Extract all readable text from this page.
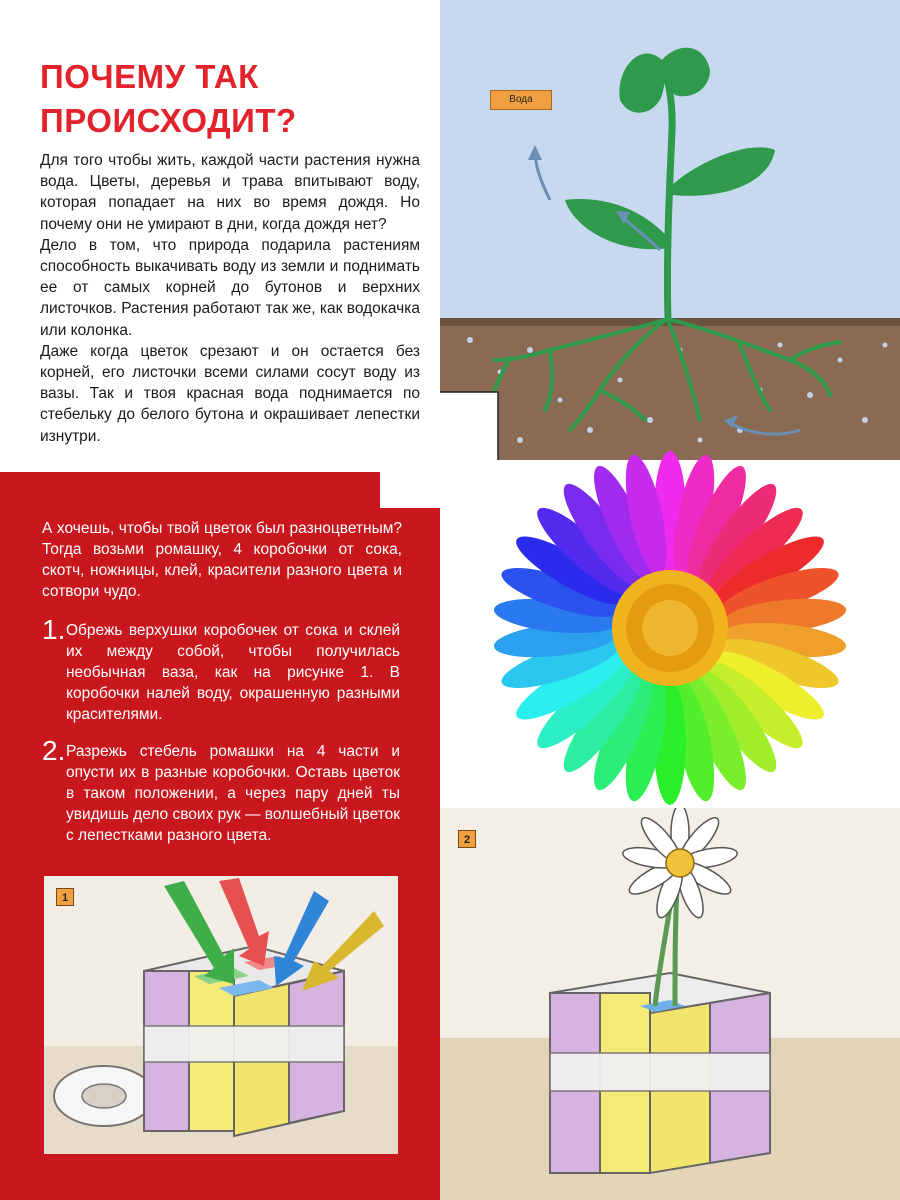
ПОЧЕМУ ТАК
ПРОИСХОДИТ?

Для того чтобы жить, каждой части растения нужна вода. Цветы, деревья и трава впитывают воду, которая попадает на них во время дождя. Но почему они не умирают в дни, когда дождя нет?

Дело в том, что природа подарила растениям способность выкачивать воду из земли и поднимать ее от самых корней до бутонов и верхних листочков. Растения работают так же, как водокачка или колонка.

Даже когда цветок срезают и он остается без корней, его листочки всеми силами сосут воду из вазы. Так и твоя красная вода поднимается по стебельку до белого бутона и окрашивает лепестки изнутри.

Вода
А хочешь, чтобы твой цветок был разноцветным? Тогда возьми ромашку, 4 коробочки от сока, скотч, ножницы, клей, красители разного цвета и сотвори чудо.
1. Обрежь верхушки коробочек от сока и склей их между собой, чтобы получилась необычная ваза, как на рисунке 1. В коробочки налей воду, окрашенную разными красителями.
2. Разрежь стебель ромашки на 4 части и опусти их в разные коробочки. Оставь цветок в таком положении, а через пару дней ты увидишь дело своих рук — волшебный цветок с лепестками разного цвета.
1
2
